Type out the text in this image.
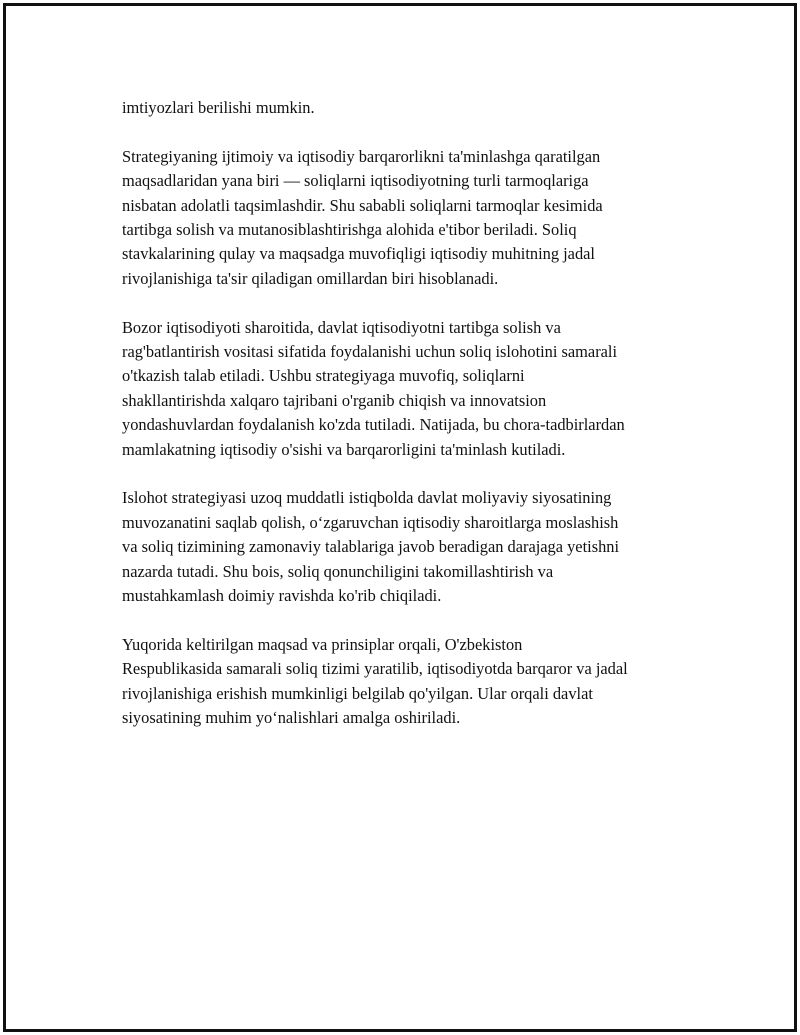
imtiyozlari berilishi mumkin.

Strategiyaning ijtimoiy va iqtisodiy barqarorlikni ta'minlashga qaratilgan
maqsadlaridan yana biri — soliqlarni iqtisodiyotning turli tarmoqlariga
nisbatan adolatli taqsimlashdir. Shu sababli soliqlarni tarmoqlar kesimida
tartibga solish va mutanosiblashtirishga alohida e'tibor beriladi. Soliq
stavkalarining qulay va maqsadga muvofiqligi iqtisodiy muhitning jadal
rivojlanishiga ta'sir qiladigan omillardan biri hisoblanadi.

Bozor iqtisodiyoti sharoitida, davlat iqtisodiyotni tartibga solish va
rag'batlantirish vositasi sifatida foydalanishi uchun soliq islohotini samarali
o'tkazish talab etiladi. Ushbu strategiyaga muvofiq, soliqlarni
shakllantirishda xalqaro tajribani o'rganib chiqish va innovatsion
yondashuvlardan foydalanish ko'zda tutiladi. Natijada, bu chora-tadbirlardan
mamlakatning iqtisodiy o'sishi va barqarorligini ta'minlash kutiladi.

Islohot strategiyasi uzoq muddatli istiqbolda davlat moliyaviy siyosatining
muvozanatini saqlab qolish, o‘zgaruvchan iqtisodiy sharoitlarga moslashish
va soliq tizimining zamonaviy talablariga javob beradigan darajaga yetishni
nazarda tutadi. Shu bois, soliq qonunchiligini takomillashtirish va
mustahkamlash doimiy ravishda ko'rib chiqiladi.

Yuqorida keltirilgan maqsad va prinsiplar orqali, O'zbekiston
Respublikasida samarali soliq tizimi yaratilib, iqtisodiyotda barqaror va jadal
rivojlanishiga erishish mumkinligi belgilab qo'yilgan. Ular orqali davlat
siyosatining muhim yo‘nalishlari amalga oshiriladi.
